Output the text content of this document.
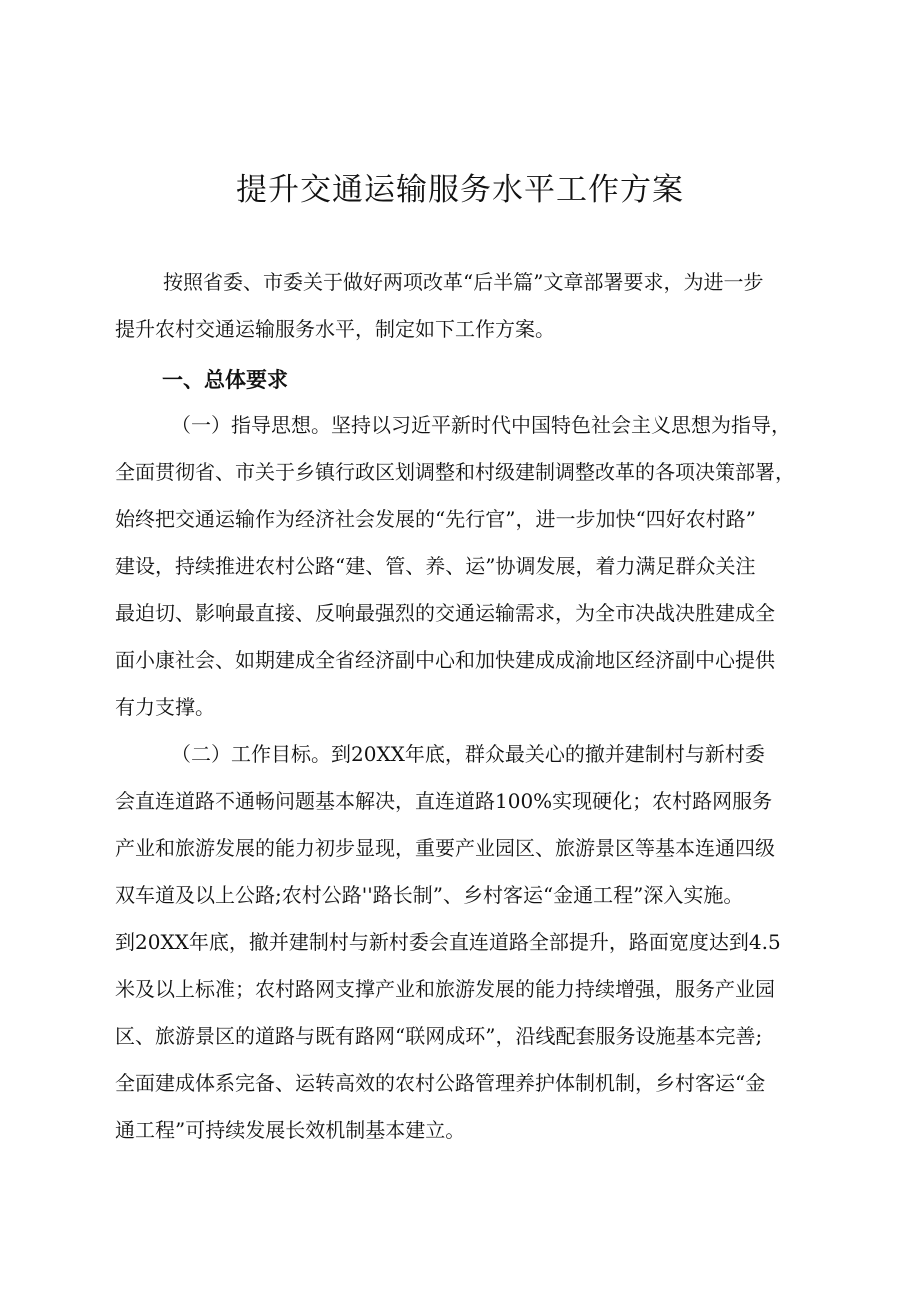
提升交通运输服务水平工作方案
按照省委、市委关于做好两项改革“后半篇”文章部署要求，为进一步
提升农村交通运输服务水平，制定如下工作方案。
一、总体要求
（一）指导思想。坚持以习近平新时代中国特色社会主义思想为指导，
全面贯彻省、市关于乡镇行政区划调整和村级建制调整改革的各项决策部署，
始终把交通运输作为经济社会发展的“先行官”，进一步加快“四好农村路”
建设，持续推进农村公路“建、管、养、运”协调发展，着力满足群众关注
最迫切、影响最直接、反响最强烈的交通运输需求，为全市决战决胜建成全
面小康社会、如期建成全省经济副中心和加快建成成渝地区经济副中心提供
有力支撑。
（二）工作目标。到20XX年底，群众最关心的撤并建制村与新村委
会直连道路不通畅问题基本解决，直连道路100%实现硬化；农村路网服务
产业和旅游发展的能力初步显现，重要产业园区、旅游景区等基本连通四级
双车道及以上公路;农村公路''路长制”、乡村客运“金通工程”深入实施。
到20XX年底，撤并建制村与新村委会直连道路全部提升，路面宽度达到4.5
米及以上标准；农村路网支撑产业和旅游发展的能力持续增强，服务产业园
区、旅游景区的道路与既有路网“联网成环”，沿线配套服务设施基本完善;
全面建成体系完备、运转高效的农村公路管理养护体制机制，乡村客运“金
通工程”可持续发展长效机制基本建立。
